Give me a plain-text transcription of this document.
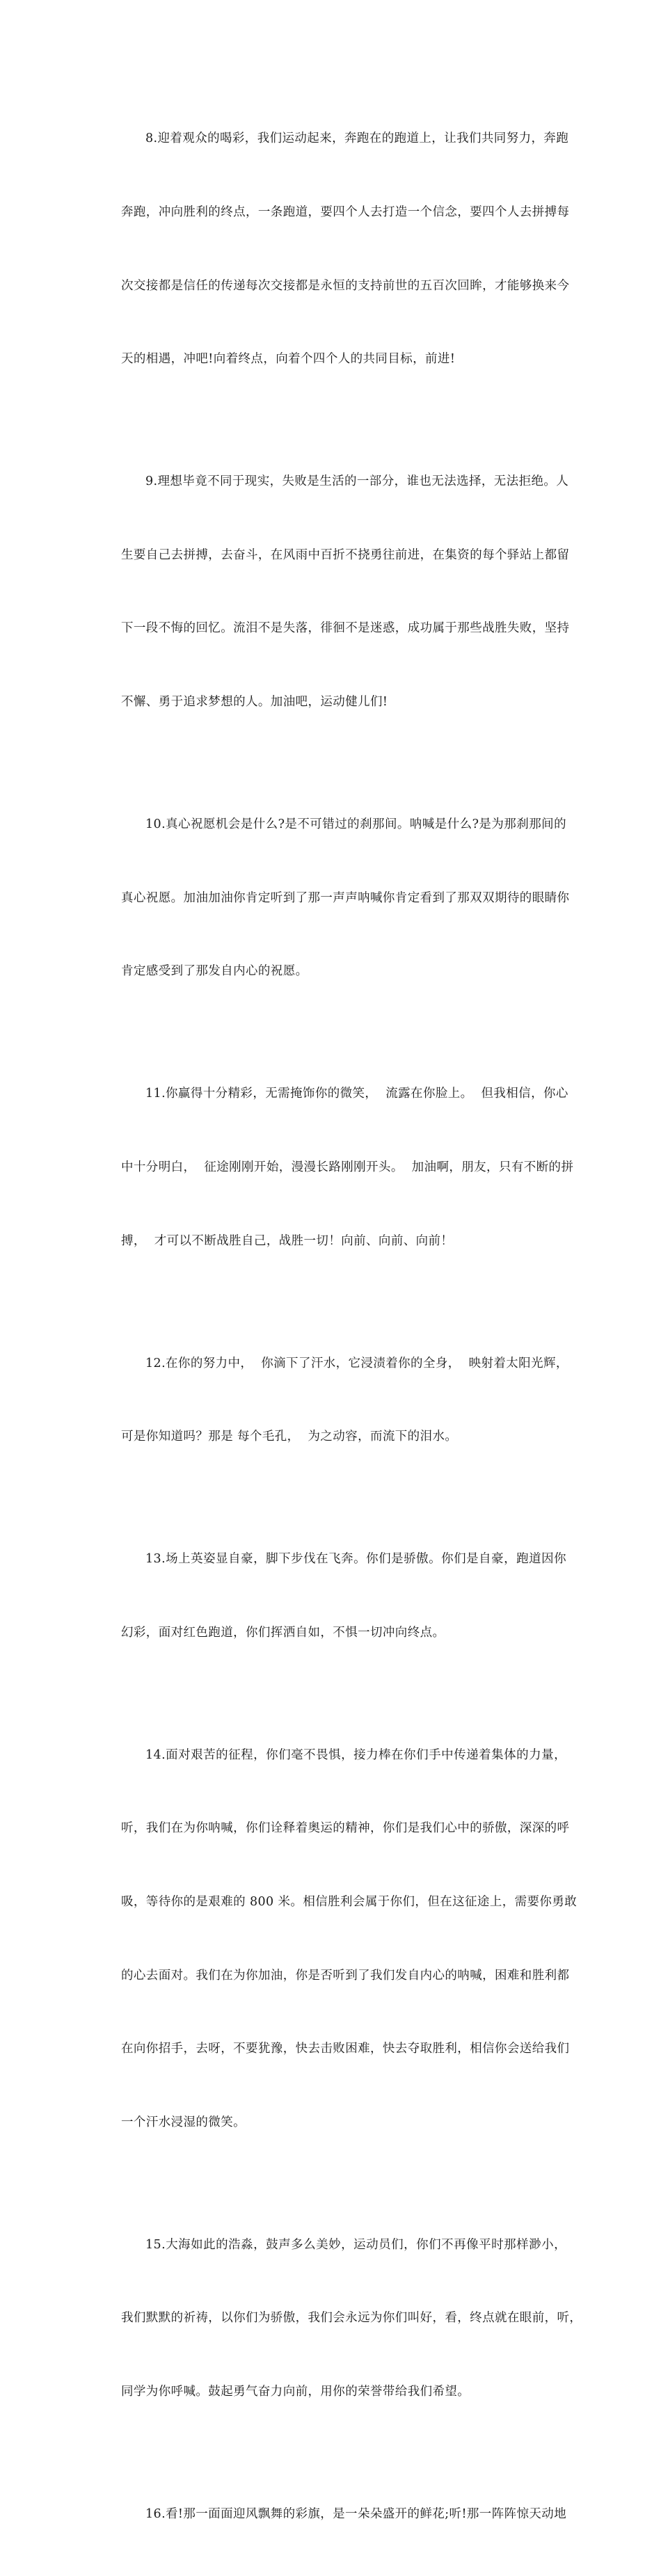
8.迎着观众的喝彩，我们运动起来，奔跑在的跑道上，让我们共同努力，奔跑

奔跑，冲向胜利的终点，一条跑道，要四个人去打造一个信念，要四个人去拼搏每

次交接都是信任的传递每次交接都是永恒的支持前世的五百次回眸，才能够换来今

天的相遇，冲吧!向着终点，向着个四个人的共同目标，前进!

9.理想毕竟不同于现实，失败是生活的一部分，谁也无法选择，无法拒绝。人

生要自己去拼搏，去奋斗，在风雨中百折不挠勇往前进，在集资的每个驿站上都留

下一段不悔的回忆。流泪不是失落，徘徊不是迷惑，成功属于那些战胜失败，坚持

不懈、勇于追求梦想的人。加油吧，运动健儿们!

10.真心祝愿机会是什么?是不可错过的刹那间。呐喊是什么?是为那刹那间的

真心祝愿。加油加油你肯定听到了那一声声呐喊你肯定看到了那双双期待的眼睛你

肯定感受到了那发自内心的祝愿。

11.你赢得十分精彩，无需掩饰你的微笑，  流露在你脸上。  但我相信，你心

中十分明白，  征途刚刚开始，漫漫长路刚刚开头。  加油啊，朋友，只有不断的拼

搏，  才可以不断战胜自己，战胜一切！向前、向前、向前！

12.在你的努力中，  你滴下了汗水，它浸渍着你的全身，  映射着太阳光辉，

可是你知道吗？那是 每个毛孔，  为之动容，而流下的泪水。

13.场上英姿显自豪，脚下步伐在飞奔。你们是骄傲。你们是自豪，跑道因你

幻彩，面对红色跑道，你们挥洒自如，不惧一切冲向终点。

14.面对艰苦的征程，你们毫不畏惧，接力棒在你们手中传递着集体的力量，

听，我们在为你呐喊，你们诠释着奥运的精神，你们是我们心中的骄傲，深深的呼

吸，等待你的是艰难的 800 米。相信胜利会属于你们，但在这征途上，需要你勇敢

的心去面对。我们在为你加油，你是否听到了我们发自内心的呐喊，困难和胜利都

在向你招手，去呀，不要犹豫，快去击败困难，快去夺取胜利，相信你会送给我们

一个汗水浸湿的微笑。

15.大海如此的浩淼，鼓声多么美妙，运动员们，你们不再像平时那样渺小，

我们默默的祈祷，以你们为骄傲，我们会永远为你们叫好，看，终点就在眼前，听，

同学为你呼喊。鼓起勇气奋力向前，用你的荣誉带给我们希望。

16.看!那一面面迎风飘舞的彩旗，是一朵朵盛开的鲜花;听!那一阵阵惊天动地
